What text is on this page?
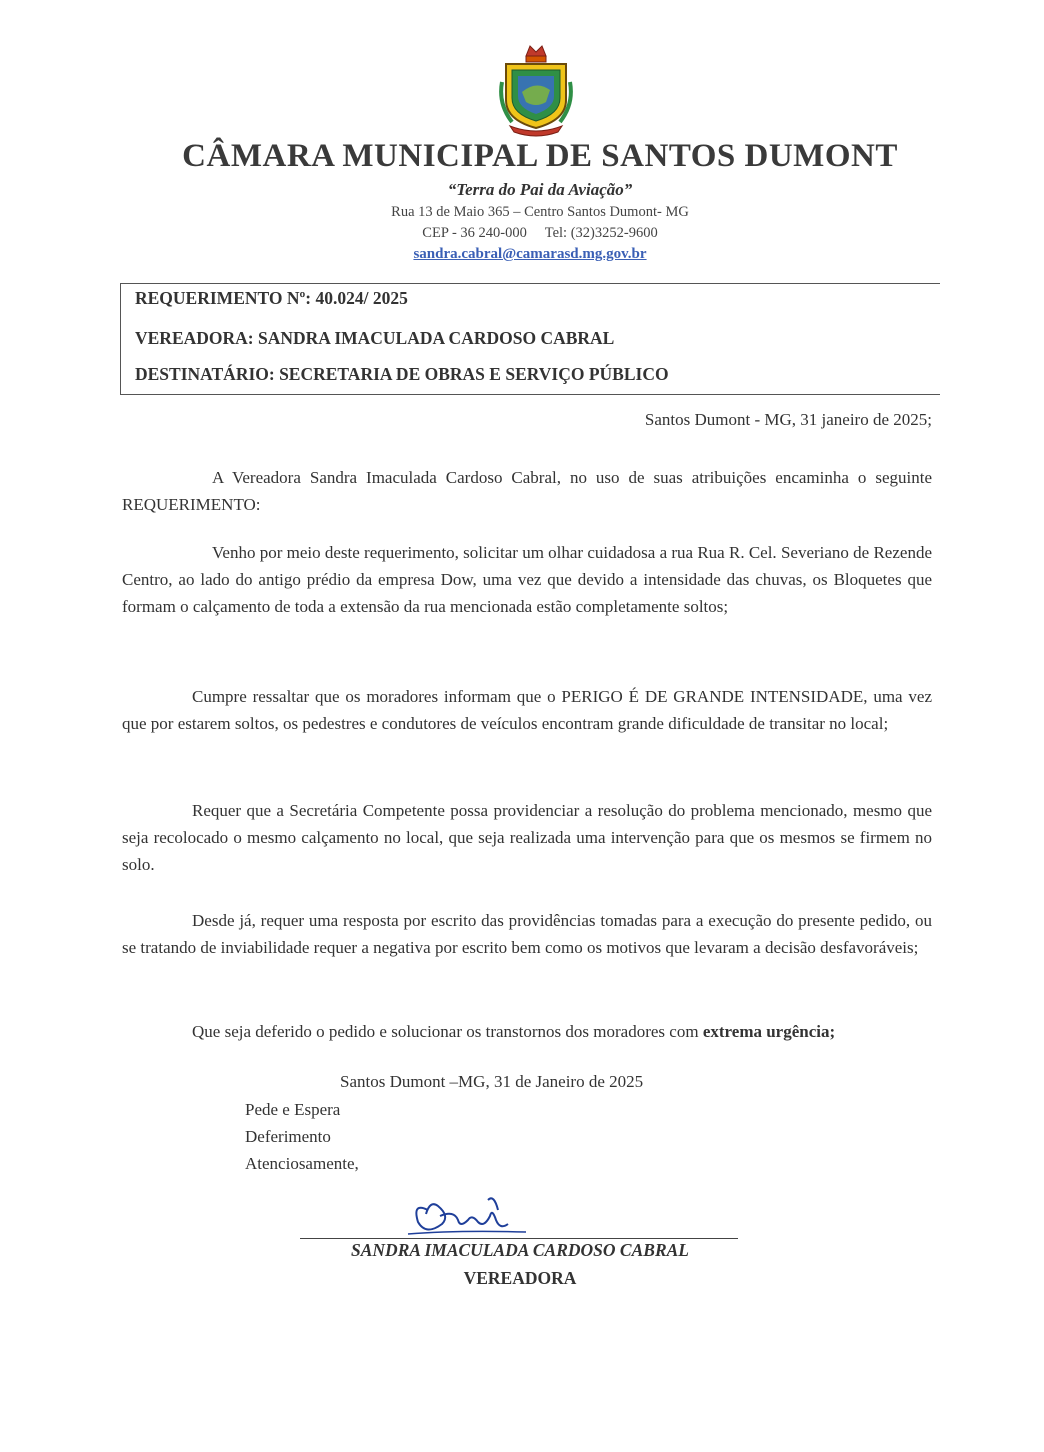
CÂMARA MUNICIPAL DE SANTOS DUMONT
“Terra do Pai da Aviação”
Rua 13 de Maio 365 – Centro Santos Dumont- MG
CEP - 36 240-000     Tel: (32)3252-9600
sandra.cabral@camarasd.mg.gov.br
REQUERIMENTO Nº: 40.024/ 2025
VEREADORA: SANDRA IMACULADA CARDOSO CABRAL
DESTINATÁRIO: SECRETARIA DE OBRAS E SERVIÇO PÚBLICO
Santos Dumont - MG, 31 janeiro de 2025;
A Vereadora Sandra Imaculada Cardoso Cabral, no uso de suas atribuições encaminha o seguinte REQUERIMENTO:
Venho por meio deste requerimento, solicitar um olhar cuidadosa a rua Rua R. Cel. Severiano de Rezende Centro, ao lado do antigo prédio da empresa Dow, uma vez que devido a intensidade das chuvas, os Bloquetes que formam o calçamento de toda a extensão da rua mencionada estão completamente soltos;
Cumpre ressaltar que os moradores informam que o PERIGO É DE GRANDE INTENSIDADE, uma vez que por estarem soltos, os pedestres e condutores de veículos encontram grande dificuldade de transitar no local;
Requer que a Secretária Competente possa providenciar a resolução do problema mencionado, mesmo que seja recolocado o mesmo calçamento no local, que seja realizada uma intervenção para que os mesmos se firmem no solo.
Desde já, requer uma resposta por escrito das providências tomadas para a execução do presente pedido, ou se tratando de inviabilidade requer a negativa por escrito bem como os motivos que levaram a decisão desfavoráveis;
Que seja deferido o pedido e solucionar os transtornos dos moradores com extrema urgência;
Santos Dumont –MG, 31 de Janeiro de 2025
Pede e Espera
Deferimento
Atenciosamente,
SANDRA IMACULADA CARDOSO CABRAL
VEREADORA
